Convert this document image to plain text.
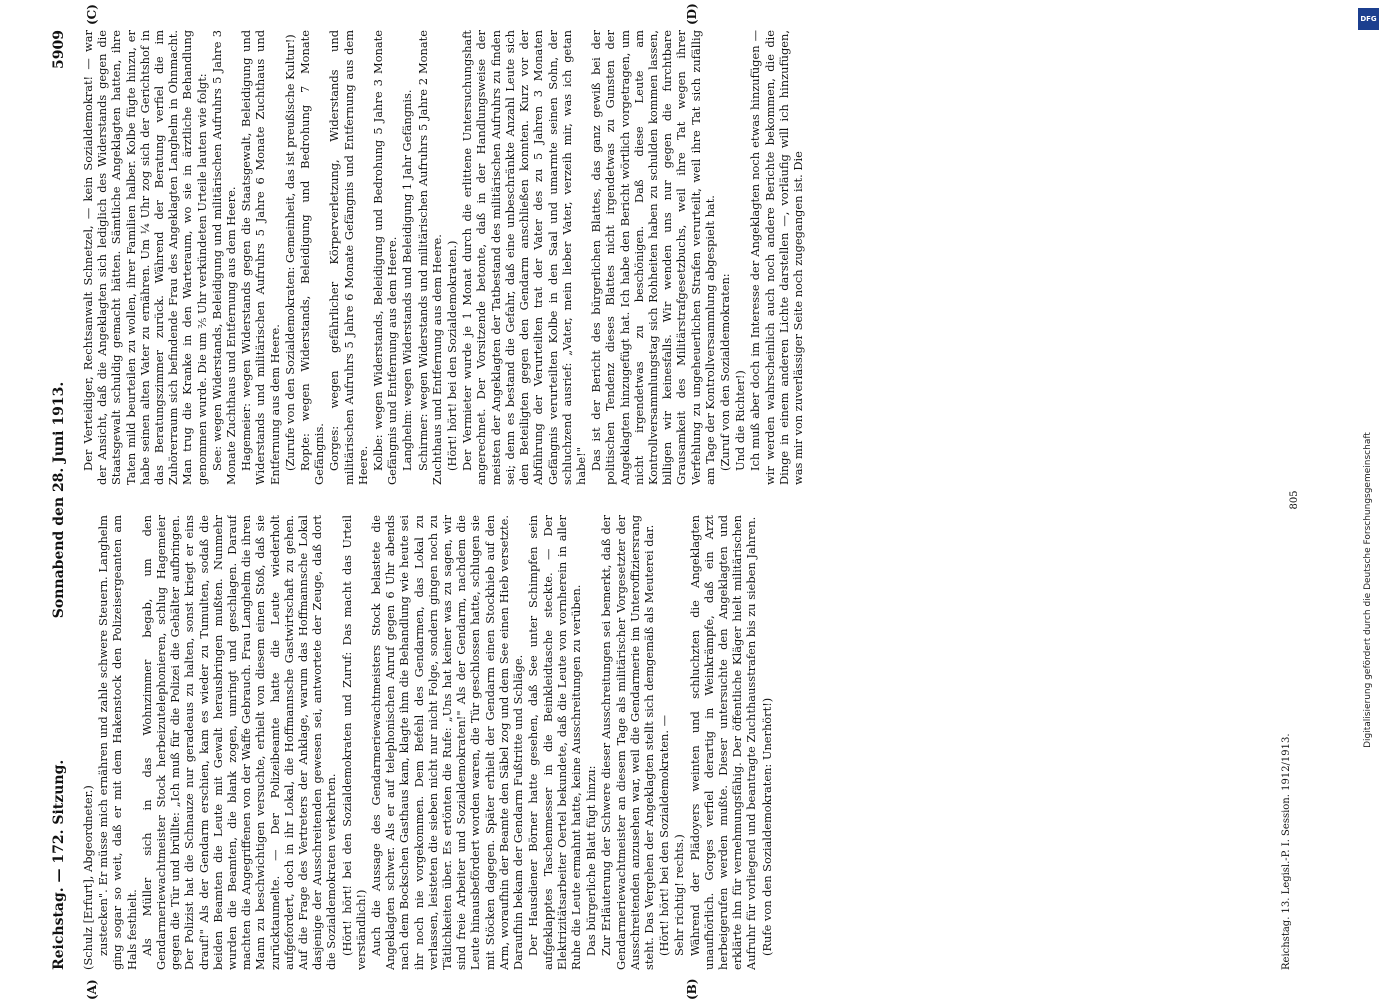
Reichstag. — 172. Sitzung.
Sonnabend den 28. Juni 1913.
5909

(Schulz [Erfurt], Abgeordneter.) zustecken". Er müsse mich ernähren und zahle schwere Steuern. Langhelm ging sogar so weit, daß er mit dem Hakenstock den Polizeisergeanten am Hals festhielt. Als Müller sich in das Wohnzimmer begab, um den Gendarmeriewachtmeister Stock herbeizutelephonieren, schlug Hagemeier gegen die Tür und brüllte: „Ich muß für die Polizei die Gehälter aufbringen. Der Polizist hat die Schnauze nur geradeaus zu halten, sonst kriegt er eins drauf!" Als der Gendarm erschien, kam es wieder zu Tumulten, sodaß die beiden Beamten die Leute mit Gewalt herausbringen mußten. Nunmehr wurden die Beamten, die blank zogen, umringt und geschlagen. Darauf machten die Angegriffenen von der Waffe Gebrauch. Frau Langhelm die ihren Mann zu beschwichtigen versuchte, erhielt von diesem einen Stoß, daß sie zurücktaumelte. — Der Polizeibeamte hatte die Leute wiederholt aufgefordert, doch in ihr Lokal, die Hoffmannsche Gastwirtschaft zu gehen. Auf die Frage des Vertreters der Anklage, warum das Hoffmannsche Lokal dasjenige der Ausschreitenden gewesen sei, antwortete der Zeuge, daß dort die Sozialdemokraten verkehrten. (Hört! hört! bei den Sozialdemokraten und Zuruf: Das macht das Urteil verständlich!) Auch die Aussage des Gendarmeriewachtmeisters Stock belastete die Angeklagten schwer. Als er auf telephonischen Anruf gegen 6 Uhr abends nach dem Bockschen Gasthaus kam, klagte ihm die Behandlung wie heute sei ihr noch nie vorgekommen. Dem Befehl des Gendarmen, das Lokal zu verlassen, leisteten die sieben nicht nur nicht Folge, sondern gingen noch zu Tätlichkeiten über. Es ertönten die Rufe: „Uns hat keiner was zu sagen, wir sind freie Arbeiter und Sozialdemokraten!" Als der Gendarm, nachdem die Leute hinausbefördert worden waren, die Tür geschlossen hatte, schlugen sie mit Stöcken dagegen. Später erhielt der Gendarm einen Stockhieb auf den Arm, woraufhin der Beamte den Säbel zog und dem See einen Hieb versetzte. Daraufhin bekam der Gendarm Fußtritte und Schläge. Der Hausdiener Börner hatte gesehen, daß See unter Schimpfen sein aufgeklapptes Taschenmesser in die Beinkleidtasche steckte. — Der Elektrizitätsarbeiter Oertel bekundete, daß die Leute von vornherein in aller Ruhe die Leute ermahnt hatte, keine Ausschreitungen zu verüben. Das bürgerliche Blatt fügt hinzu: Zur Erläuterung der Schwere dieser Ausschreitungen sei bemerkt, daß der Gendarmeriewachtmeister an diesem Tage als militärischer Vorgesetzter der Ausschreitenden anzusehen war, weil die Gendarmerie im Unteroffiziersrang steht. Das Vergehen der Angeklagten stellt sich demgemäß als Meuterei dar. (Hört! hört! bei den Sozialdemokraten. — Sehr richtig! rechts.) Während der Plädoyers weinten und schluchzten die Angeklagten unaufhörlich. Gorges verfiel derartig in Weinkrämpfe, daß ein Arzt herbeigerufen werden mußte. Dieser untersuchte den Angeklagten und erklärte ihn für vernehmungsfähig. Der öffentliche Kläger hielt militärischen Aufruhr für vorliegend und beantragte Zuchthausstrafen bis zu sieben Jahren. (Rufe von den Sozialdemokraten: Unerhört!)

Der Verteidiger, Rechtsanwalt Schnetzel, — kein Sozialdemokrat! — war der Ansicht, daß die Angeklagten sich lediglich des Widerstands gegen die Staatsgewalt schuldig gemacht hätten. Sämtliche Angeklagten hatten, ihre Taten mild beurteilen zu wollen, ihrer Familien halber. Kolbe fügte hinzu, er habe seinen alten Vater zu ernähren. Um ¼ Uhr zog sich der Gerichtshof in das Beratungszimmer zurück. Während der Beratung verfiel die im Zuhörerraum sich befindende Frau des Angeklagten Langhelm in Ohnmacht. Man trug die Kranke in den Warteraum, wo sie in ärztliche Behandlung genommen wurde. Die um ⅖ Uhr verkündeten Urteile lauten wie folgt: See: wegen Widerstands, Beleidigung und militärischen Aufruhrs 5 Jahre 3 Monate Zuchthaus und Entfernung aus dem Heere. Hagemeier: wegen Widerstands gegen die Staatsgewalt, Beleidigung und Widerstands und militärischen Aufruhrs 5 Jahre 6 Monate Zuchthaus und Entfernung aus dem Heere. (Zurufe von den Sozialdemokraten: Gemeinheit, das ist preußische Kultur!) Ropte: wegen Widerstands, Beleidigung und Bedrohung 7 Monate Gefängnis. Gorges: wegen gefährlicher Körperverletzung, Widerstands und militärischen Aufruhrs 5 Jahre 6 Monate Gefängnis und Entfernung aus dem Heere. Kolbe: wegen Widerstands, Beleidigung und Bedrohung 5 Jahre 3 Monate Gefängnis und Entfernung aus dem Heere. Langhelm: wegen Widerstands und Beleidigung 1 Jahr Gefängnis. Schirmer: wegen Widerstands und militärischen Aufruhrs 5 Jahre 2 Monate Zuchthaus und Entfernung aus dem Heere. (Hört! hört! bei den Sozialdemokraten.) Der Vermieter wurde je 1 Monat durch die erlittene Untersuchungshaft angerechnet. Der Vorsitzende betonte, daß in der Handlungsweise der meisten der Angeklagten der Tatbestand des militärischen Aufruhrs zu finden sei; denn es bestand die Gefahr, daß eine unbeschränkte Anzahl Leute sich den Beteiligten gegen den Gendarm anschließen konnten. Kurz vor der Abführung der Verurteilten trat der Vater des zu 5 Jahren 3 Monaten Gefängnis verurteilten Kolbe in den Saal und umarmte seinen Sohn, der schluchzend ausrief: „Vater, mein lieber Vater, verzeih mir, was ich getan habe!" Das ist der Bericht des bürgerlichen Blattes, das ganz gewiß bei der politischen Tendenz dieses Blattes nicht irgendetwas zu Gunsten der Angeklagten hinzugefügt hat. Ich habe den Bericht wörtlich vorgetragen, um nicht irgendetwas zu beschönigen. Daß diese Leute am Kontrollversammlungstag sich Rohheiten haben zu schulden kommen lassen, billigen wir keinesfalls. Wir wenden uns nur gegen die furchtbare Grausamkeit des Militärstrafgesetzbuchs, weil ihre Tat wegen ihrer Verfehlung zu ungeheuerlichen Strafen verurteilt, weil ihre Tat sich zufällig am Tage der Kontrollversammlung abgespielt hat. (Zuruf von den Sozialdemokraten: Und die Richter!) Ich muß aber doch im Interesse der Angeklagten noch etwas hinzufügen — wir werden wahrscheinlich auch noch andere Berichte bekommen, die die Dinge in einem anderen Lichte darstellen —, vorläufig will ich hinzufügen, was mir von zuverlässiger Seite noch zugegangen ist. Die

(A)	(B)
(C)	(D)
Reichstag. 13. Legisl.-P. I. Session. 1912/1913.
805
DFG
Digitalisierung gefördert durch die Deutsche Forschungsgemeinschaft
